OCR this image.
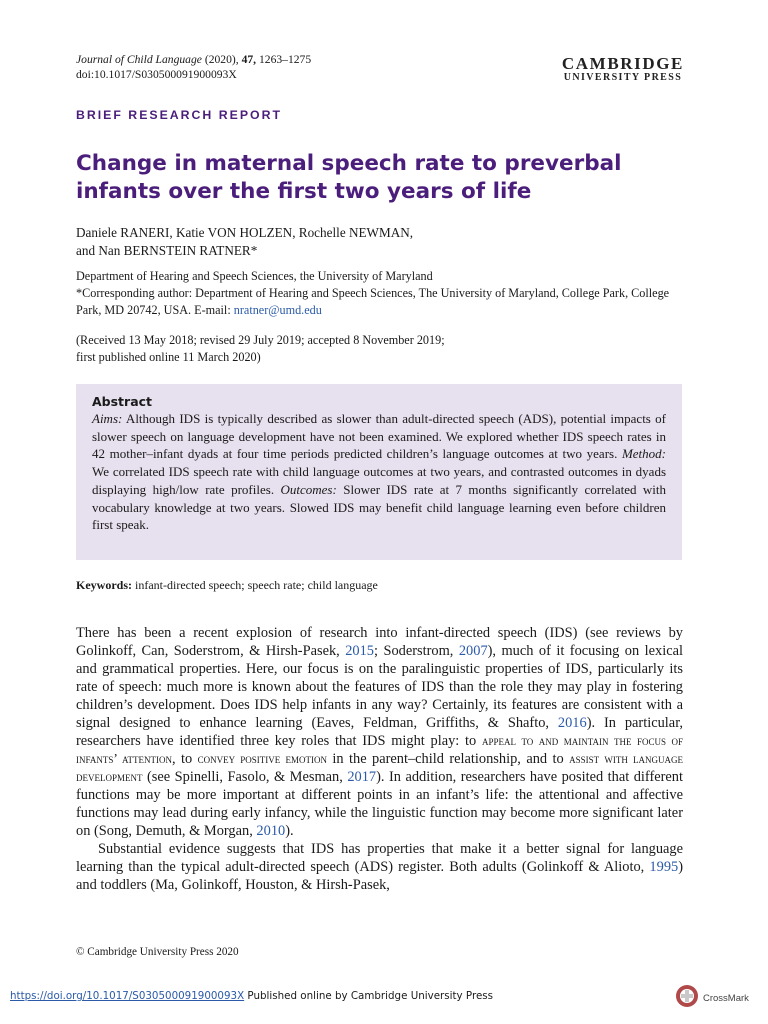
Journal of Child Language (2020), 47, 1263–1275
doi:10.1017/S030500091900093X
CAMBRIDGE
UNIVERSITY PRESS
BRIEF RESEARCH REPORT
Change in maternal speech rate to preverbal infants over the first two years of life
Daniele RANERI, Katie VON HOLZEN, Rochelle NEWMAN,
and Nan BERNSTEIN RATNER*
Department of Hearing and Speech Sciences, the University of Maryland
*Corresponding author: Department of Hearing and Speech Sciences, The University of Maryland, College Park, College Park, MD 20742, USA. E-mail: nratner@umd.edu
(Received 13 May 2018; revised 29 July 2019; accepted 8 November 2019;
first published online 11 March 2020)
Abstract
Aims: Although IDS is typically described as slower than adult-directed speech (ADS), potential impacts of slower speech on language development have not been examined. We explored whether IDS speech rates in 42 mother–infant dyads at four time periods predicted children’s language outcomes at two years. Method: We correlated IDS speech rate with child language outcomes at two years, and contrasted outcomes in dyads displaying high/low rate profiles. Outcomes: Slower IDS rate at 7 months significantly correlated with vocabulary knowledge at two years. Slowed IDS may benefit child language learning even before children first speak.
Keywords: infant-directed speech; speech rate; child language

There has been a recent explosion of research into infant-directed speech (IDS) (see reviews by Golinkoff, Can, Soderstrom, & Hirsh-Pasek, 2015; Soderstrom, 2007), much of it focusing on lexical and grammatical properties. Here, our focus is on the paralinguistic properties of IDS, particularly its rate of speech: much more is known about the features of IDS than the role they may play in fostering children’s development. Does IDS help infants in any way? Certainly, its features are consistent with a signal designed to enhance learning (Eaves, Feldman, Griffiths, & Shafto, 2016). In particular, researchers have identified three key roles that IDS might play: to appeal to and maintain the focus of infants’ attention, to convey positive emotion in the parent–child relationship, and to assist with language development (see Spinelli, Fasolo, & Mesman, 2017). In addition, researchers have posited that different functions may be more important at different points in an infant’s life: the attentional and affective functions may lead during early infancy, while the linguistic function may become more significant later on (Song, Demuth, & Morgan, 2010).

Substantial evidence suggests that IDS has properties that make it a better signal for language learning than the typical adult-directed speech (ADS) register. Both adults (Golinkoff & Alioto, 1995) and toddlers (Ma, Golinkoff, Houston, & Hirsh-Pasek,

© Cambridge University Press 2020
https://doi.org/10.1017/S030500091900093X Published online by Cambridge University Press	CrossMark
